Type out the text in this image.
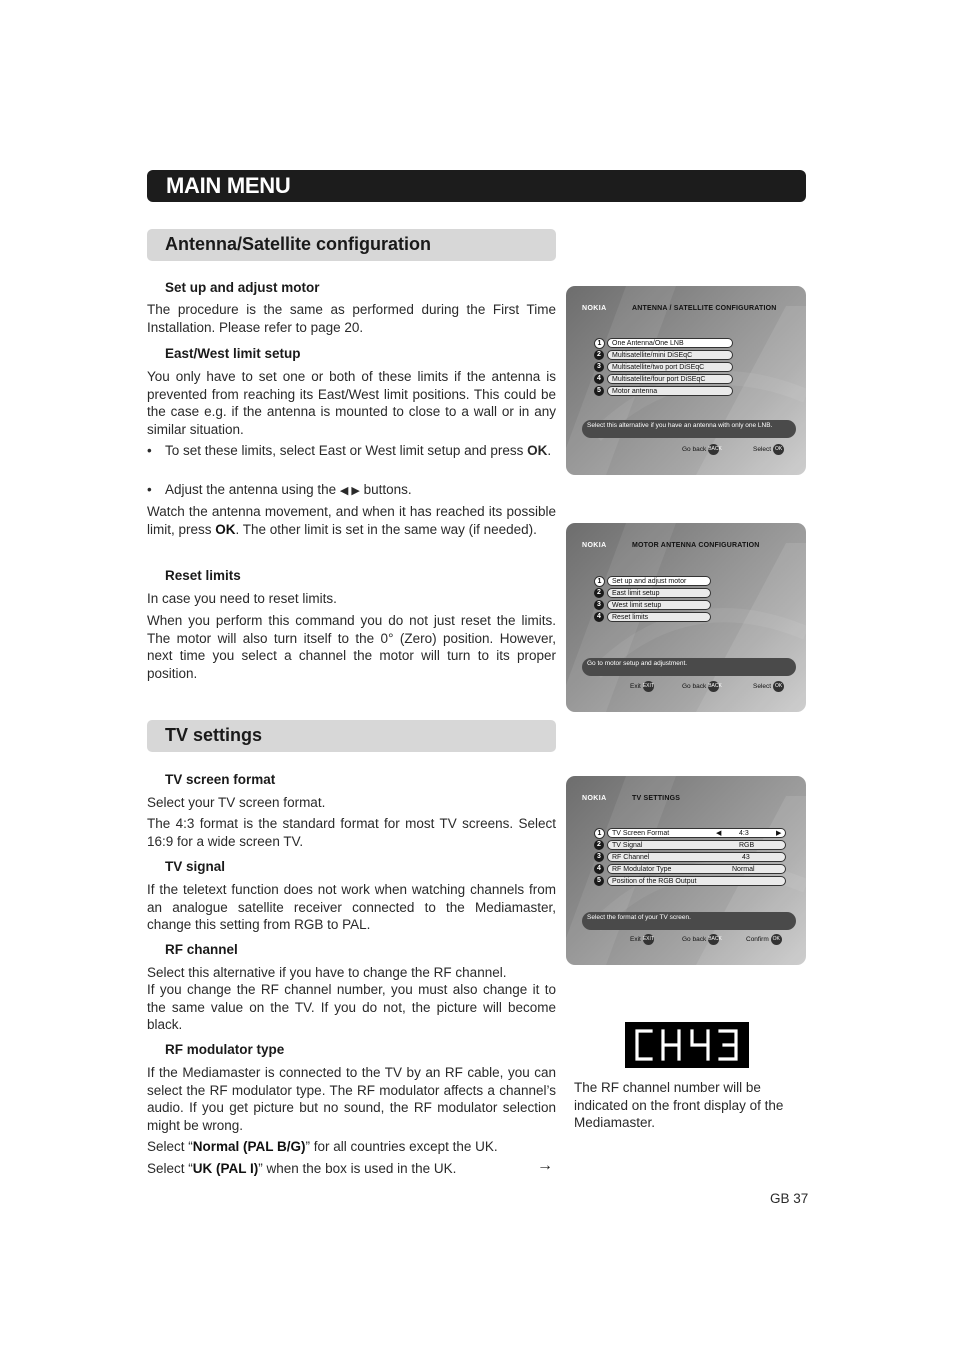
MAIN MENU
Antenna/Satellite configuration
Set up and adjust motor

The procedure is the same as performed during the First Time Installation. Please refer to page 20.

East/West limit setup

You only have to set one or both of these limits if the antenna is prevented from reaching its East/West limit positions. This could be the case e.g. if the antenna is mounted to close to a wall or in any similar situation.

• To set these limits, select East or West limit setup and press OK.
• Adjust the antenna using the ◀ ▶ buttons.

Watch the antenna movement, and when it has reached its possible limit, press OK. The other limit is set in the same way (if needed).

Reset limits

In case you need to reset limits.

When you perform this command you do not just reset the limits. The motor will also turn itself to the 0° (Zero) position. However, next time you select a channel the motor will turn to its proper position.

TV settings
TV screen format

Select your TV screen format.

The 4:3 format is the standard format for most TV screens. Select 16:9 for a wide screen TV.

TV signal

If the teletext function does not work when watching channels from an analogue satellite receiver connected to the Mediamaster, change this setting from RGB to PAL.

RF channel

Select this alternative if you have to change the RF channel.

If you change the RF channel number, you must also change it to the same value on the TV. If you do not, the picture will become black.

RF modulator type

If the Mediamaster is connected to the TV by an RF cable, you can select the RF modulator type. The RF modulator affects a channel’s audio. If you get picture but no sound, the RF modulator selection might be wrong.

Select “Normal (PAL B/G)” for all countries except the UK.

Select “UK (PAL I)” when the box is used in the UK.	→
NOKIA	ANTENNA / SATELLITE CONFIGURATION
1	One Antenna/One LNB
2	Multisatellite/mini DiSEqC
3	Multisatellite/two port DiSEqC
4	Multisatellite/four port DiSEqC
5	Motor antenna
Select this alternative if you have an antenna with only one LNB.
Go back BACK	Select OK
NOKIA	MOTOR ANTENNA CONFIGURATION
1	Set up and adjust motor
2	East limit setup
3	West limit setup
4	Reset limits
Go to motor setup and adjustment.
Exit EXIT	Go back BACK	Select OK
NOKIA	TV SETTINGS
1	TV Screen Format	◀	4:3	▶
2	TV Signal	RGB
3	RF Channel	43
4	RF Modulator Type	Normal
5	Position of the RGB Output
Select the format of your TV screen.
Exit EXIT	Go back BACK	Confirm OK

The RF channel number will be indicated on the front display of the Mediamaster.

GB 37
